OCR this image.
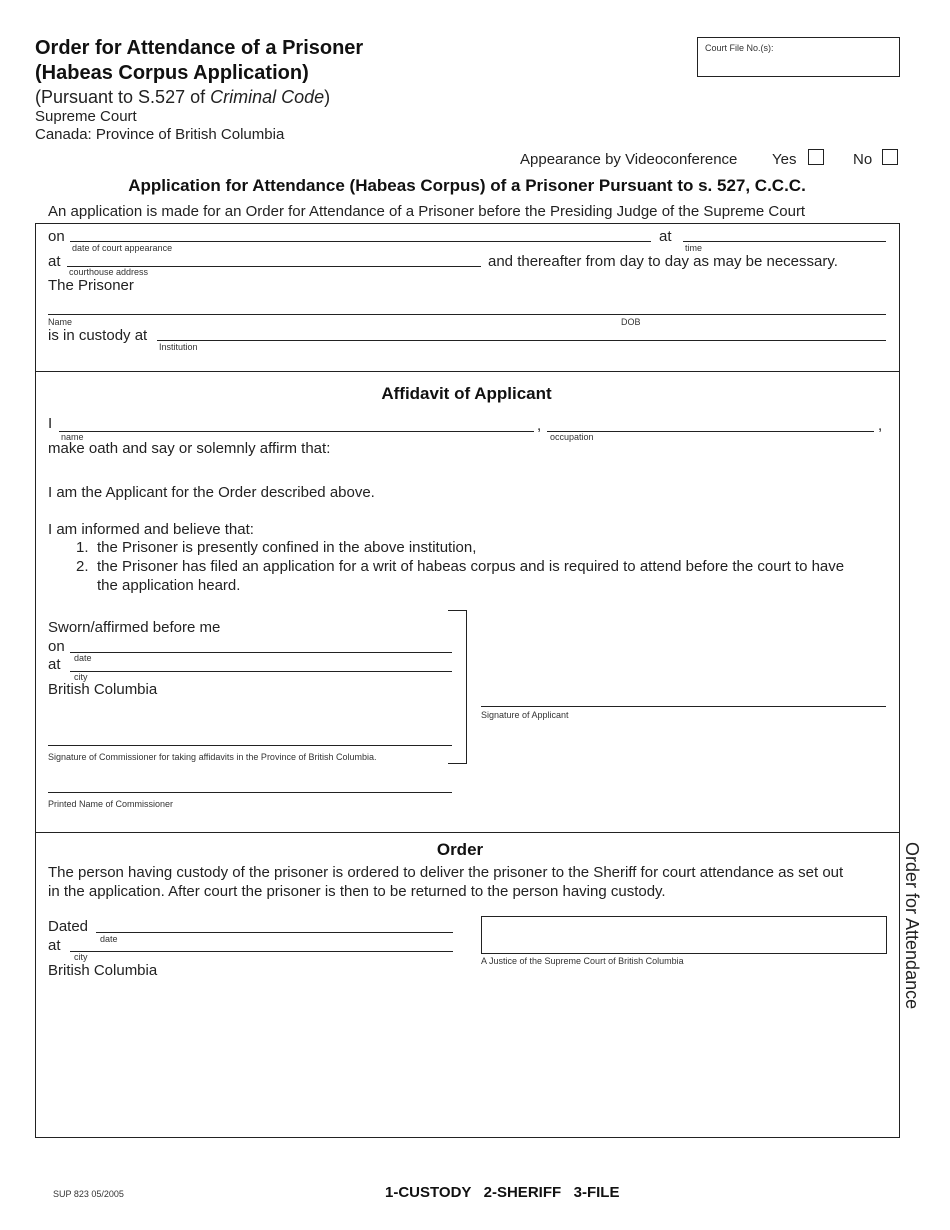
Order for Attendance of a Prisoner
(Habeas Corpus Application)
(Pursuant to S.527 of Criminal Code)
Supreme Court
Canada: Province of British Columbia
Court File No.(s):
Appearance by Videoconference Yes	No
Application for Attendance (Habeas Corpus) of a Prisoner Pursuant to s. 527, C.C.C.
An application is made for an Order for Attendance of a Prisoner before the Presiding Judge of the Supreme Court
on
date of court appearance
at
time
at
courthouse address
and thereafter from day to day as may be necessary.
The Prisoner
Name	DOB
is in custody at
Institution
Affidavit of Applicant
I
name
,
occupation
,
make oath and say or solemnly affirm that:
I am the Applicant for the Order described above.
I am informed and believe that:
1. the Prisoner is presently confined in the above institution,
2. the Prisoner has filed an application for a writ of habeas corpus and is required to attend before the court to have
the application heard.
Sworn/affirmed before me
on
date
at
city
British Columbia
Signature of Commissioner for taking affidavits in the Province of British Columbia.
Printed Name of Commissioner
Signature of Applicant
Order
The person having custody of the prisoner is ordered to deliver the prisoner to the Sheriff for court attendance as set out
in the application. After court the prisoner is then to be returned to the person having custody.
Dated
date
at
city
British Columbia
A Justice of the Supreme Court of British Columbia	Order for Attendance
SUP 823 05/2005	1-CUSTODY   2-SHERIFF   3-FILE
